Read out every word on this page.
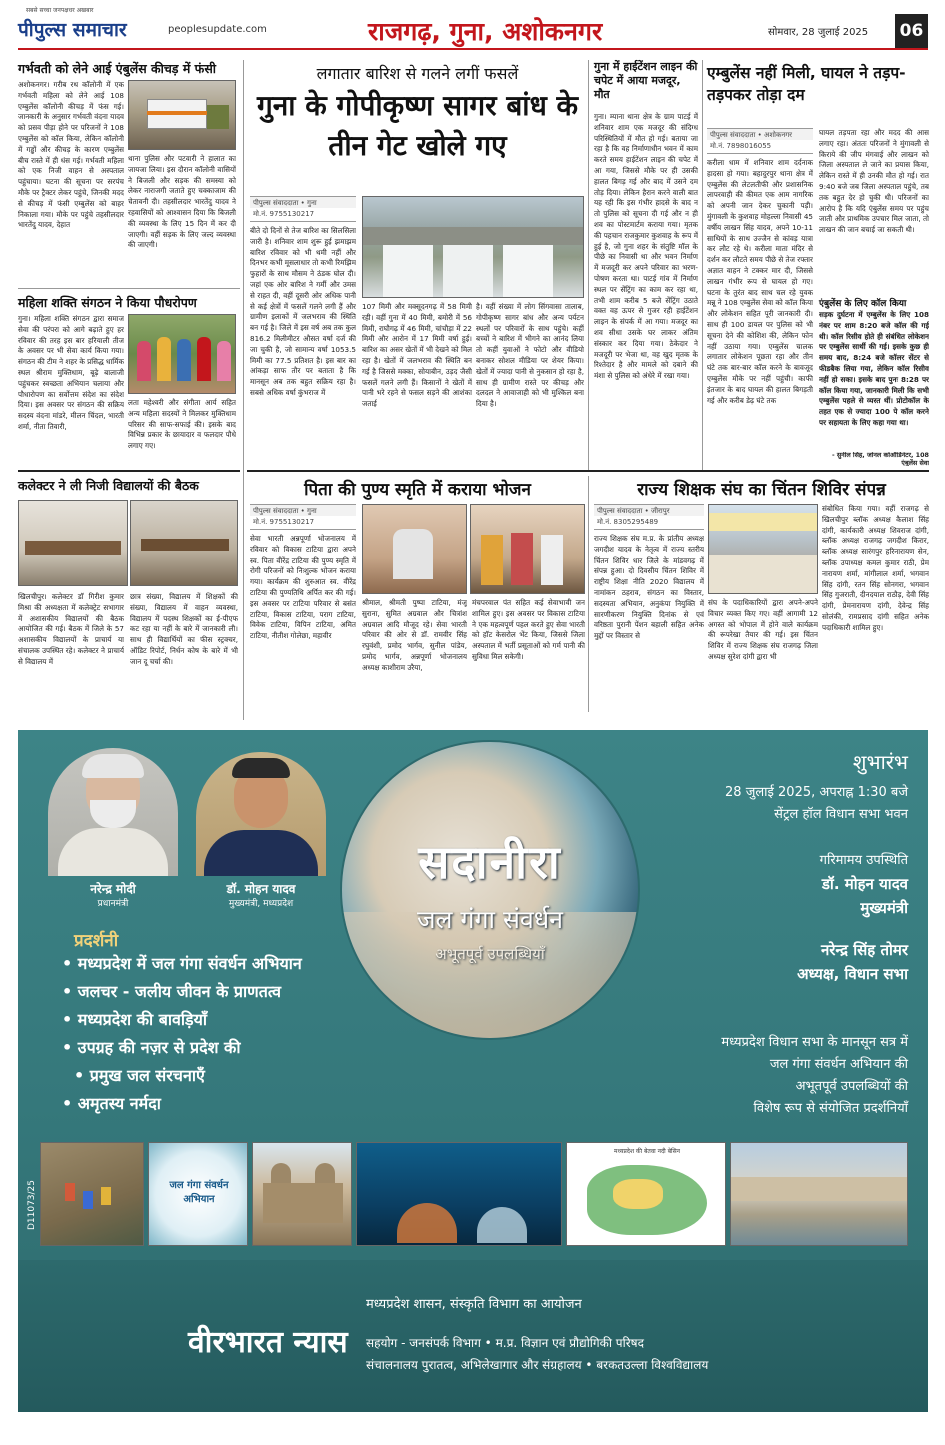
सबसे सच्चा जनपक्षधर अखबार
पीपुल्स समाचार	peoplesupdate.com	राजगढ़, गुना, अशोकनगर	सोमवार, 28 जुलाई 2025 06
गर्भवती को लेने आई एंबुलेंस कीचड़ में फंसी
अशोकनगर। गरीब रथ कॉलोनी में एक गर्भवती महिला को लेने आई 108 एम्बुलेंस कॉलोनी कीचड़ में फंस गई। जानकारी के अनुसार गर्भवती वंदना यादव को प्रसव पीड़ा होने पर परिजनों ने 108 एम्बुलेंस को कॉल किया, लेकिन कॉलोनी में गड्ढों और कीचड़ के कारण एम्बुलेंस बीच रास्ते में ही धंस गई। गर्भवती महिला को एक निजी वाहन से अस्पताल पहुंचाया। घटना की सूचना पर सरपंच मौके पर ट्रैक्टर लेकर पहुंचे, जिनकी मदद से कीचड़ में फंसी एम्बुलेंस को बाहर निकाला गया। मौके पर पहुंचे तहसीलदार भारतेंदु यादव, देहात
थाना पुलिस और पटवारी ने हालात का जायजा लिया। इस दौरान कॉलोनी वासियों ने बिजली और सड़क की समस्या को लेकर नाराजगी जताते हुए चक्काजाम की चेतावनी दी। तहसीलदार भारतेंदु यादव ने रहवासियों को आश्वासन दिया कि बिजली की व्यवस्था के लिए 15 दिन में कर दी जाएगी। वहीं सड़क के लिए जल्द व्यवस्था की जाएगी।
महिला शक्ति संगठन ने किया पौधरोपण
गुना। महिला शक्ति संगठन द्वारा समाज सेवा की परंपरा को आगे बढ़ाते हुए हर रविवार की तरह इस बार हरियाली तीज के अवसर पर भी सेवा कार्य किया गया। संगठन की टीम ने शहर के प्रसिद्ध धार्मिक स्थल श्रीराम मुक्तिधाम, बूढ़े बालाजी पहुंचकर स्वच्छता अभियान चलाया और पौधारोपण का सर्वोत्तम संदेश का संदेश दिया। इस अवसर पर संगठन की सक्रिय सदस्य वंदना मांडरे, मीलन चिंदल, भारती शर्मा, नीता तिवारी,
लता महेश्वरी और संगीता आर्य सहित अन्य महिला सदस्यों ने मिलकर मुक्तिधाम परिसर की साफ-सफाई की। इसके बाद विभिन्न प्रकार के छायादार व फलदार पौधे लगाए गए।
कलेक्टर ने ली निजी विद्यालयों की बैठक
खिलचीपुर। कलेक्टर डॉ गिरीश कुमार मिश्रा की अध्यक्षता में कलेक्ट्रेट सभागार में अशासकीय विद्यालयों की बैठक आयोजित की गई। बैठक में जिले के 57 अशासकीय विद्यालयों के प्राचार्य या संचालक उपस्थित रहे। कलेक्टर ने प्राचार्य से विद्यालय में
छात्र संख्या, विद्यालय में शिक्षकों की संख्या, विद्यालय में वाहन व्यवस्था, विद्यालय में पदस्थ शिक्षकों का ई-पीएफ कट रहा या नहीं के बारे में जानकारी ली। साथ ही विद्यार्थियों का फीस स्ट्रक्चर, ऑडिट रिपोर्ट, निर्धन कोष के बारे में भी जान दू चर्चा की।
लगातार बारिश से गलने लगीं फसलें
गुना के गोपीकृष्ण सागर बांध के तीन गेट खोले गए
पीपुल्स संवाददाता • गुना
मो.नं. 9755130217
बीते दो दिनों से तेज बारिश का सिलसिला जारी है। शनिवार शाम शुरू हुई झमाझम बारिश रविवार को भी थमी नहीं और दिनभर कभी मूसलाधार तो कभी रिमझिम फुहारों के साथ मौसम ने ठंडक घोल दी। जहां एक ओर बारिश ने गर्मी और उमस से राहत दी, वहीं दूसरी ओर अधिक पानी से कई क्षेत्रों में फसलें गलने लगी हैं और ग्रामीण इलाकों में जलभराव की स्थिति बन गई है। जिले में इस वर्ष अब तक कुल 816.2 मिलीमीटर औसत वर्षा दर्ज की जा चुकी है, जो सामान्य वर्षा 1053.5 मिमी का 77.5 प्रतिशत है। इस बार का आंकड़ा साफ तौर पर बताता है कि मानसून अब तक बहुत सक्रिय रहा है। सबसे अधिक वर्षा कुंभराज में
107 मिमी और मक्सूदनगढ़ में 58 मिमी रही। वहीं गुना में 40 मिमी, बमोरी में 56 मिमी, राघौगढ़ में 46 मिमी, चांचौड़ा में 22 मिमी और आरोन में 17 मिमी वर्षा हुई। बारिश का असर खेतों में भी देखने को मिल रहा है। खेतों में जलभराव की स्थिति बन गई है जिससे मक्का, सोयाबीन, उड़द जैसी फसलें गलने लगी हैं। किसानों ने खेतों में पानी भरे रहने से फसल सड़ने की आशंका जताई
है। वहीं संख्या में लोग सिंगवासा तालाब, गोपीकृष्ण सागर बांध और अन्य पर्यटन स्थलों पर परिवारों के साथ पहुंचे। कहीं बच्चों ने बारिश में भीगने का आनंद लिया तो कहीं युवाओं ने फोटो और वीडियो बनाकर सोशल मीडिया पर शेयर किया। खेतों में ज्यादा पानी से नुकसान हो रहा है, साथ ही ग्रामीण रास्ते पर कीचड़ और दलदल ने आवाजाही को भी मुश्किल बना दिया है।
गुना में हाईटेंशन लाइन की चपेट में आया मजदूर, मौत
गुना। म्याना थाना क्षेत्र के ग्राम पाटई में शनिवार शाम एक मजदूर की संदिग्ध परिस्थितियों में मौत हो गई। बताया जा रहा है कि वह निर्माणाधीन भवन में काम करते समय हाईटेंशन लाइन की चपेट में आ गया, जिससे मौके पर ही उसकी हालत बिगड़ गई और बाद में उसने दम तोड़ दिया। लेकिन हैरान करने वाली बात यह रही कि इस गंभीर हादसे के बाद न तो पुलिस को सूचना दी गई और न ही शव का पोस्टमार्टम कराया गया। मृतक की पहचान राजकुमार कुशवाह के रूप में हुई है, जो गुना शहर के संतुष्टि मॉल के पीछे का निवासी था और भवन निर्माण में मजदूरी कर अपने परिवार का भरण-पोषण करता था। पाटई गांव में निर्माण स्थल पर सेंट्रिंग का काम कर रहा था, तभी शाम करीब 5 बजे सेंट्रिंग उठाते वक्त वह ऊपर से गुजर रही हाईटेंशन लाइन के संपर्क में आ गया। मजदूर का शव सीधा उसके घर लाकर अंतिम संस्कार कर दिया गया। ठेकेदार ने मजदूरी पर भेजा था, वह खुद मृतक के रिश्तेदार है और मामले को दबाने की मंशा से पुलिस को अंधेरे में रखा गया।
एम्बुलेंस नहीं मिली, घायल ने तड़प-तड़पकर तोड़ा दम
पीपुल्स संवाददाता • अशोकनगर
मो.नं. 7898016055
करीला धाम में शनिवार शाम दर्दनाक हादसा हो गया। बहादुरपुर थाना क्षेत्र में एम्बुलेंस की लेटलतीफी और प्रशासनिक लापरवाही की कीमत एक आम नागरिक को अपनी जान देकर चुकानी पड़ी। मुंगावली के कुशवाह मोहल्ला निवासी 45 वर्षीय लाखन सिंह यादव, अपने 10-11 साथियों के साथ उज्जैन से कांवड़ यात्रा कर लौट रहे थे। करीला माता मंदिर से दर्शन कर लौटते समय पीछे से तेज रफ्तार अज्ञात वाहन ने टक्कर मार दी, जिससे लाखन गंभीर रूप से घायल हो गए। घटना के तुरंत बाद साथ चल रहे युवक मन्नू ने 108 एम्बुलेंस सेवा को कॉल किया और लोकेशन सहित पूरी जानकारी दी। साथ ही 100 डायल पर पुलिस को भी सूचना देने की कोशिश की, लेकिन फोन नहीं उठाया गया। एम्बुलेंस चालक लगातार लोकेशन पूछता रहा और तीन घंटे तक बार-बार कॉल करने के बावजूद एम्बुलेंस मौके पर नहीं पहुंची। काफी इंतजार के बाद घायल की हालत बिगड़ती गई और करीब डेढ़ घंटे तक
घायल तड़पता रहा और मदद की आस लगाए रहा। अंततः परिजनों ने मुंगावली से किराये की जीप मंगवाई और लाखन को जिला अस्पताल ले जाने का प्रयास किया, लेकिन रास्ते में ही उनकी मौत हो गई। रात 9:40 बजे जब जिला अस्पताल पहुंचे, तब तक बहुत देर हो चुकी थी। परिजनों का आरोप है कि यदि एंबुलेंस समय पर पहुंच जाती और प्राथमिक उपचार मिल जाता, तो लाखन की जान बचाई जा सकती थी।
एंबुलेंस के लिए कॉल किया
सड़क दुर्घटना में एम्बुलेंस के लिए 108 नंबर पर शाम 8:20 बजे कॉल की गई थी। कॉल रिसीव होते ही संबंधित लोकेशन पर एम्बुलेंस सार्थी की गई। इसके कुछ ही समय बाद, 8:24 बजे कॉलर सेंटर से फीडबैक लिया गया, लेकिन कॉल रिसीव नहीं हो सका। इसके बाद पुनः 8:28 पर कॉल किया गया, जानकारी मिली कि सभी एम्बुलेंस पहले से व्यस्त थीं। प्रोटोकॉल के तहत एक से ज्यादा 100 पे कॉल करने पर सहायता के लिए कहा गया था।
- सुनील सिंह, जोनल कोऑर्डिनेटर, 108 एंबुलेंस सेवा
पिता की पुण्य स्मृति में कराया भोजन
पीपुल्स संवाददाता • गुना
मो.नं. 9755130217
सेवा भारती अन्नपूर्णा भोजनालय में रविवार को विकास टाटिया द्वारा अपने स्व. पिता वीरेंद्र टाटिया की पुण्य स्मृति में रोगी परिजनों को निःशुल्क भोजन कराया गया। कार्यक्रम की शुरुआत स्व. वीरेंद्र टाटिया की पुण्यतिथि अर्पित कर की गई। इस अवसर पर टाटिया परिवार से बसंत टाटिया, विकास टाटिया, पराग टाटिया, विवेक टाटिया, विपिन टाटिया, अमित टाटिया, नीतीश गोलेछा, महावीर
श्रीमाल, श्रीमती पुष्पा टाटिया, मंजू सुराना, सुमित अग्रवाल और चित्रांश अग्रवाल आदि मौजूद रहे। सेवा भारती परिवार की ओर से डॉ. रामवीर सिंह रघुवंशी, प्रमोद भार्गव, सुनील पांडेय, प्रमोद भार्गव, अन्नपूर्णा भोजनालय अध्यक्ष काशीराम उरैया,
मंचपरवाल पंत सहित कई सेवाभावी जन शामिल हुए। इस अवसर पर विकास टाटिया ने एक महत्वपूर्ण पहल करते हुए सेवा भारती को हॉट केसरोल भेंट किया, जिससे जिला अस्पताल में भर्ती प्रसूताओं को गर्म पानी की सुविधा मिल सकेगी।
राज्य शिक्षक संघ का चिंतन शिविर संपन्न
पीपुल्स संवाददाता • जीरापुर
मो.नं. 8305295489
राज्य शिक्षक संघ म.प्र. के प्रांतीय अध्यक्ष जगदीश यादव के नेतृत्व में राज्य स्तरीय चिंतन शिविर धार जिले के मांडवगढ़ में संपन्न हुआ। दो दिवसीय चिंतन शिविर में राष्ट्रीय शिक्षा नीति 2020 विद्यालय में नामांकन ठहराव, संगठन का विस्तार, सदस्यता अभियान, अनुकंपा नियुक्ति में सारणीकरण नियुक्ति दिनांक से एवं वरिष्ठता पुरानी पेंशन बहाली सहित अनेक मुद्दों पर विस्तार से
संघ के पदाधिकारियों द्वारा अपने-अपने विचार व्यक्त किए गए। वहीं आगामी 12 अगस्त को भोपाल में होने वाले कार्यक्रम की रूपरेखा तैयार की गई। इस चिंतन शिविर में राज्य शिक्षक संघ राजगढ़ जिला अध्यक्ष सुरेश दांगी द्वारा भी
संबोधित किया गया। वहीं राजगढ़ से खिलचीपुर ब्लॉक अध्यक्ष कैलाश सिंह दांगी, कार्यकारी अध्यक्ष शिवराज दांगी, ब्लॉक अध्यक्ष राजगढ़ जगदीश किरार, ब्लॉक अध्यक्ष सारंगपुर हरिनारायण सेन, ब्लॉक उपाध्यक्ष कमल कुमार राठी, प्रेम नारायण शर्मा, मांगीलाल शर्मा, भगवान सिंह दांगी, रतन सिंह सोनगरा, भगवान सिंह गुजराती, दीनदयाल राठौड़, देवी सिंह दांगी, प्रेमनारायण दांगी, देवेन्द्र सिंह सोलंकी, रामप्रसाद दांगी सहित अनेक पदाधिकारी शामिल हुए।
नरेन्द्र मोदी
प्रधानमंत्री
डॉ. मोहन यादव
मुख्यमंत्री, मध्यप्रदेश
सदानीरा
जल गंगा संवर्धन
अभूतपूर्व उपलब्धियाँ
शुभारंभ
28 जुलाई 2025, अपराह्न 1:30 बजे
सेंट्रल हॉल विधान सभा भवन
गरिमामय उपस्थिति
डॉ. मोहन यादव
मुख्यमंत्री
नरेन्द्र सिंह तोमर
अध्यक्ष, विधान सभा
प्रदर्शनी
• मध्यप्रदेश में जल गंगा संवर्धन अभियान
• जलचर - जलीय जीवन के प्राणतत्व
• मध्यप्रदेश की बावड़ियाँ
• उपग्रह की नज़र से प्रदेश की
• प्रमुख जल संरचनाएँ
• अमृतस्य नर्मदा
मध्यप्रदेश विधान सभा के मानसून सत्र में
जल गंगा संवर्धन अभियान की
अभूतपूर्व उपलब्धियों की
विशेष रूप से संयोजित प्रदर्शनियाँ
D11073/25	जल गंगा संवर्धन अभियान
मध्यप्रदेश की बेतवा नदी बेसिन
वीरभारत न्यास
मध्यप्रदेश शासन, संस्कृति विभाग का आयोजन
सहयोग - जनसंपर्क विभाग • म.प्र. विज्ञान एवं प्रौद्योगिकी परिषद
संचालनालय पुरातत्व, अभिलेखागार और संग्रहालय • बरकतउल्ला विश्वविद्यालय
